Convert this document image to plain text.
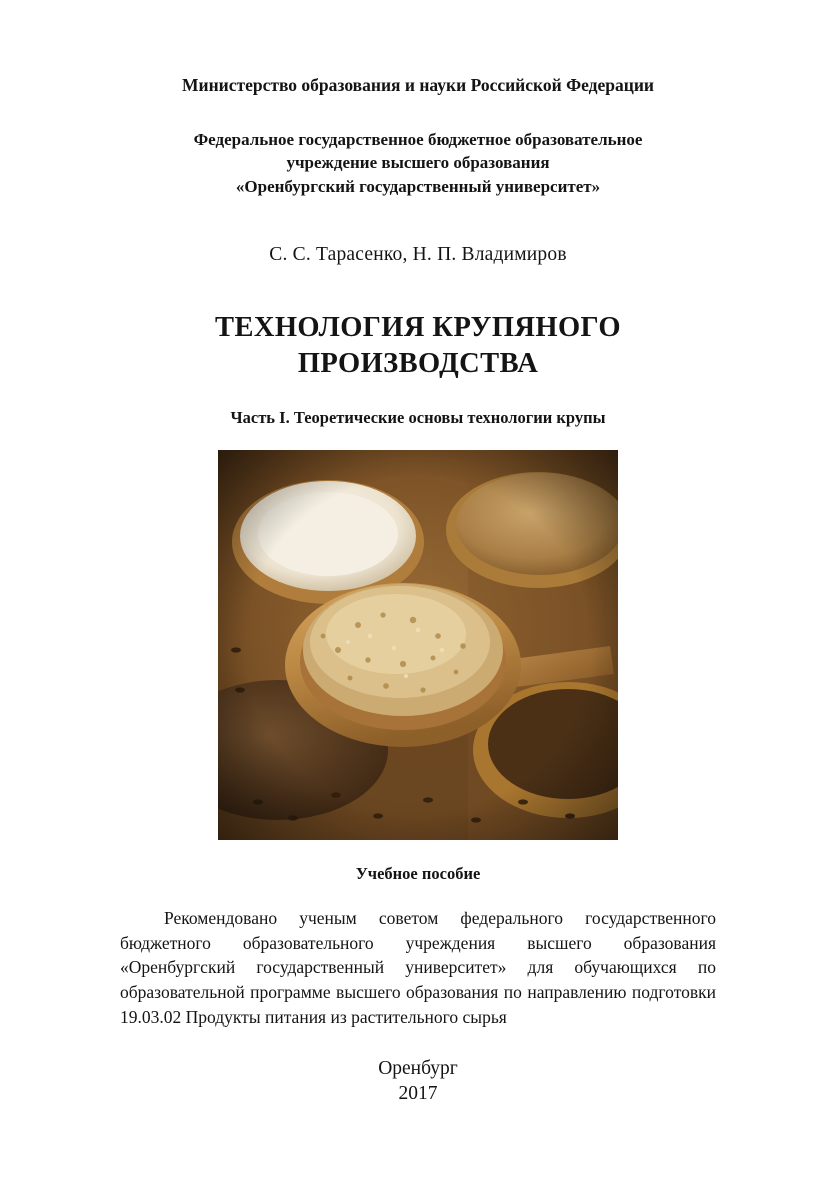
Министерство образования и науки Российской Федерации
Федеральное государственное бюджетное образовательное
учреждение высшего образования
«Оренбургский государственный университет»
С. С. Тарасенко, Н. П. Владимиров
ТЕХНОЛОГИЯ КРУПЯНОГО
ПРОИЗВОДСТВА
Часть I. Теоретические основы технологии крупы
Учебное пособие
Рекомендовано ученым советом федерального государственного бюджетного образовательного учреждения высшего образования «Оренбургский государственный университет» для обучающихся по образовательной программе высшего образования по направлению подготовки 19.03.02 Продукты питания из растительного сырья
Оренбург
2017
